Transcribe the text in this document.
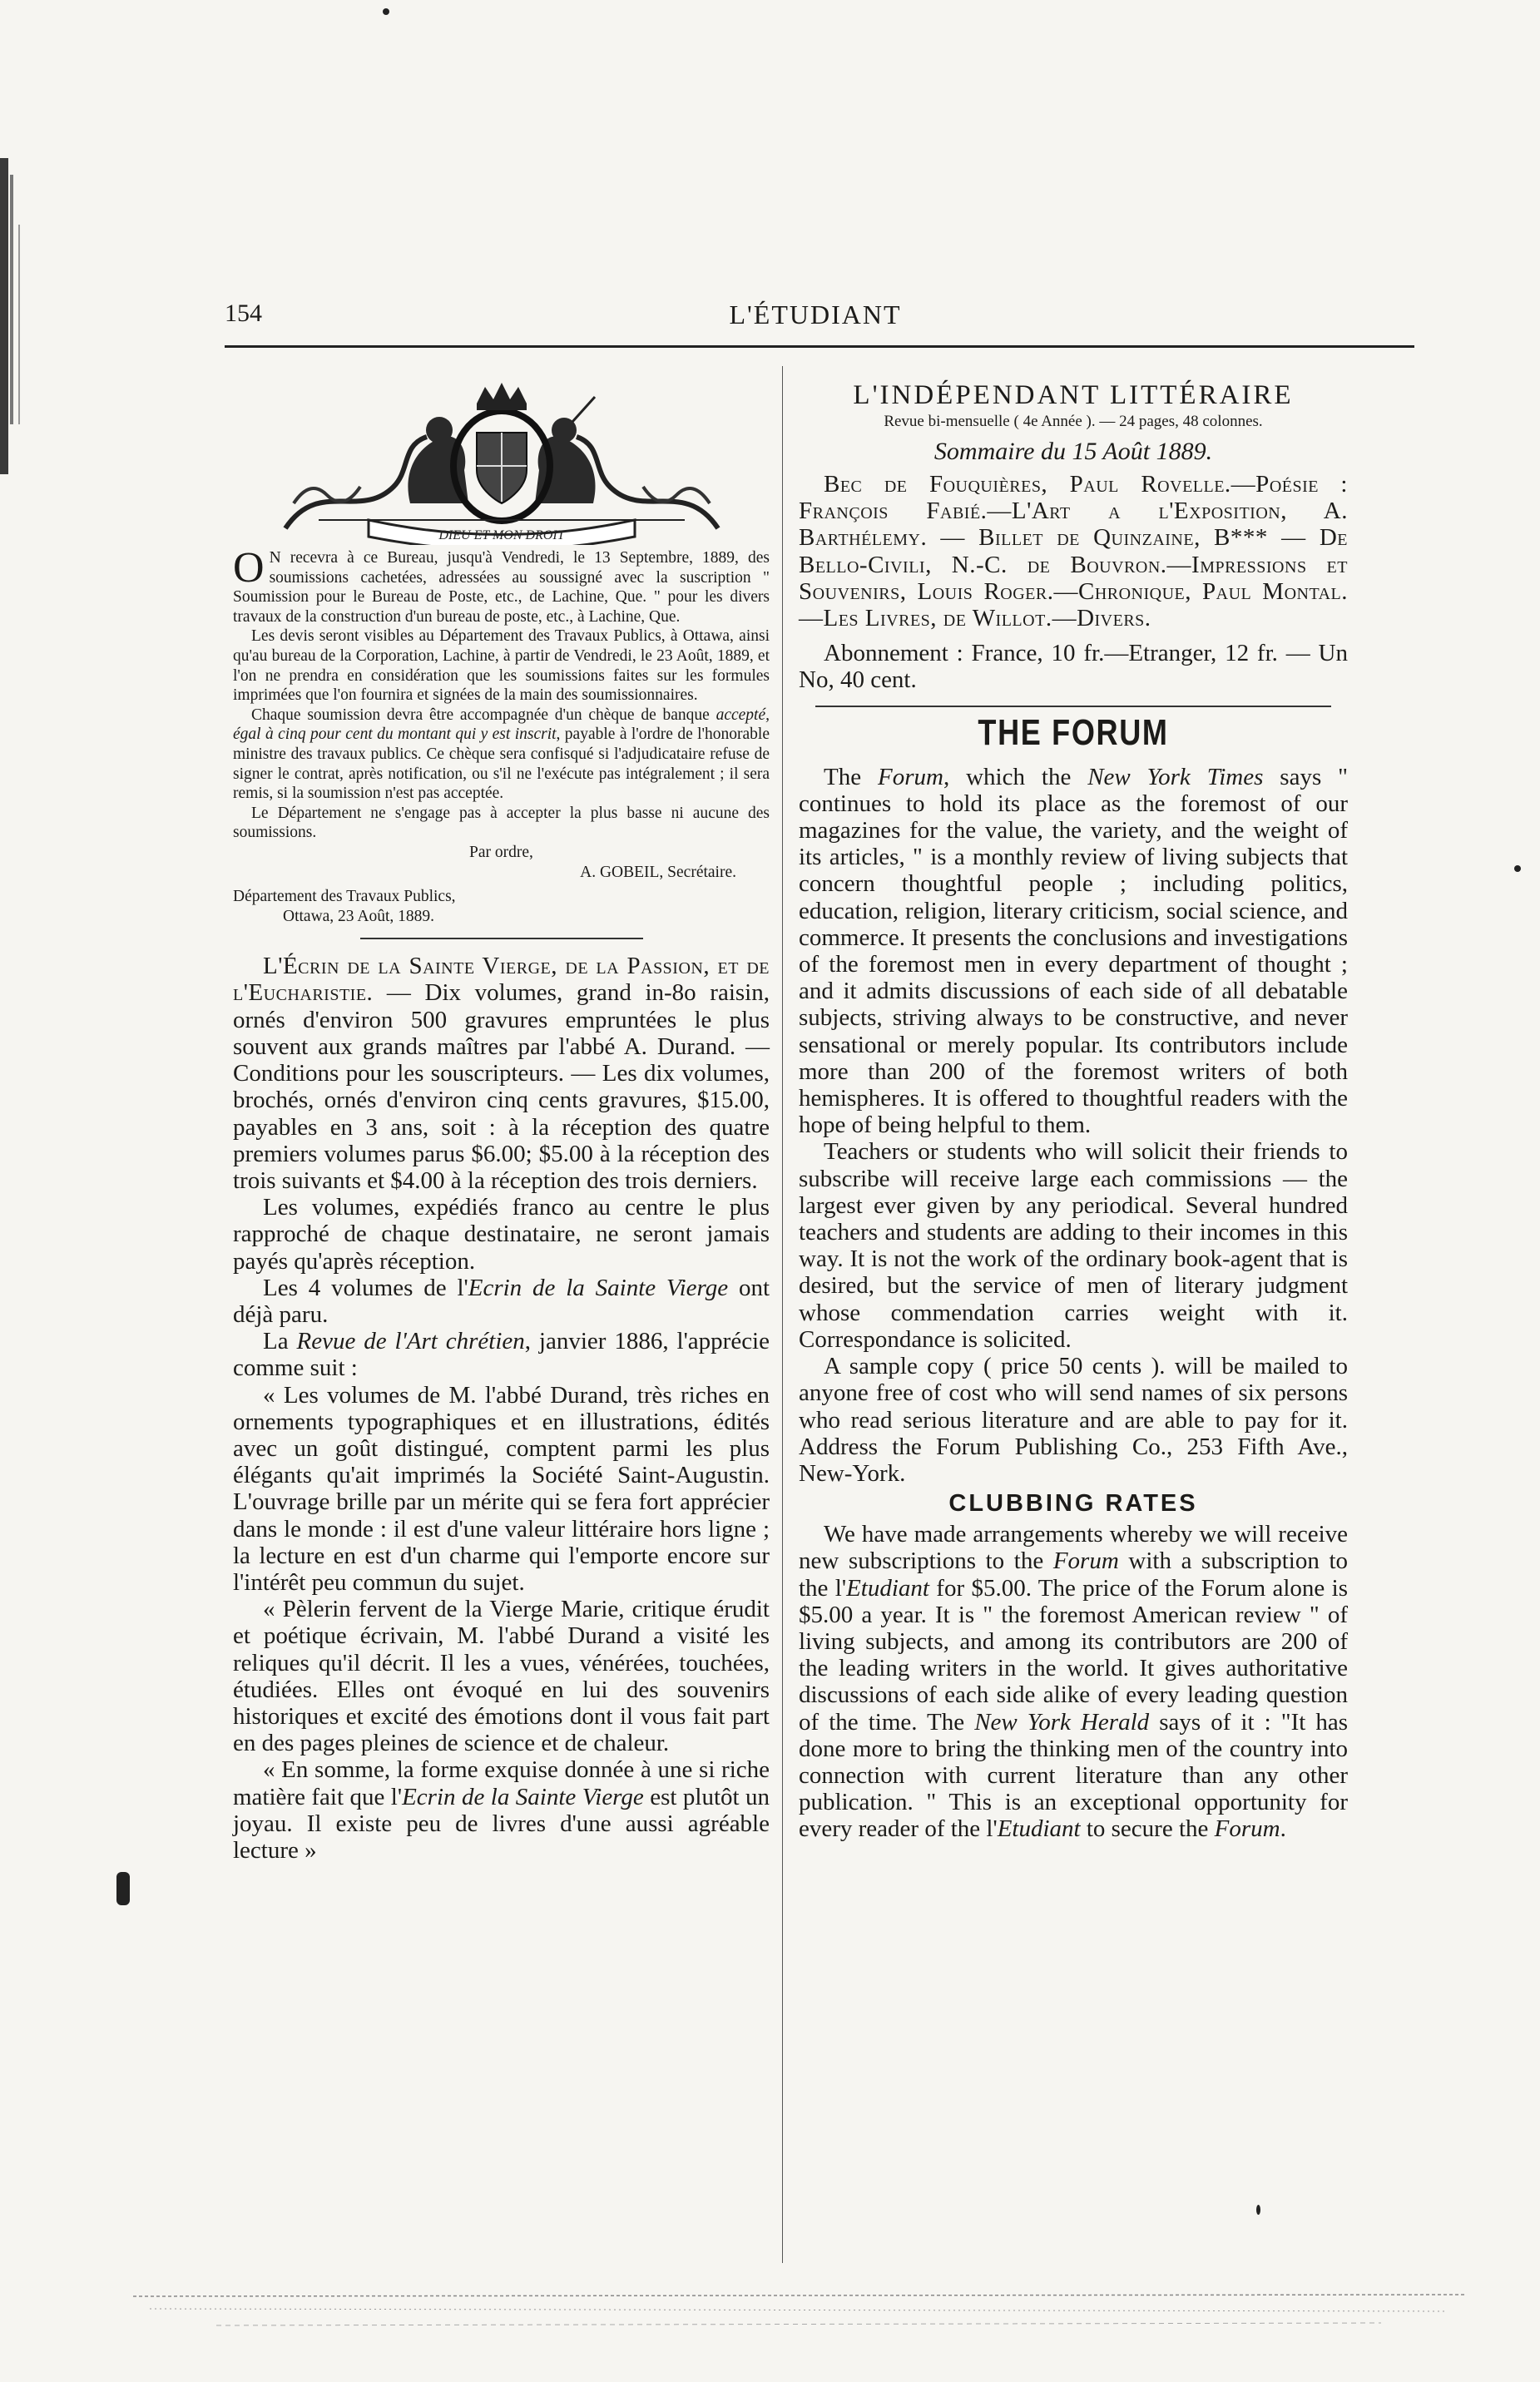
154	L'ÉTUDIANT
DIEU ET MON DROIT

O N recevra à ce Bureau, jusqu'à Vendredi, le 13 Septembre, 1889, des soumissions cachetées, adressées au soussigné avec la suscription " Soumission pour le Bureau de Poste, etc., de Lachine, Que. " pour les divers travaux de la construction d'un bureau de poste, etc., à Lachine, Que.

Les devis seront visibles au Département des Travaux Publics, à Ottawa, ainsi qu'au bureau de la Corporation, Lachine, à partir de Vendredi, le 23 Août, 1889, et l'on ne prendra en considération que les soumissions faites sur les formules imprimées que l'on fournira et signées de la main des soumissionnaires.

Chaque soumission devra être accompagnée d'un chèque de banque accepté, égal à cinq pour cent du montant qui y est inscrit, payable à l'ordre de l'honorable ministre des travaux publics. Ce chèque sera confisqué si l'adjudicataire refuse de signer le contrat, après notification, ou s'il ne l'exécute pas intégralement ; il sera remis, si la soumission n'est pas acceptée.

Le Département ne s'engage pas à accepter la plus basse ni aucune des soumissions.

Par ordre,

A. GOBEIL, Secrétaire.

Département des Travaux Publics,

Ottawa, 23 Août, 1889.

L'Écrin de la Sainte Vierge, de la Passion, et de l'Eucharistie. — Dix volumes, grand in-8o raisin, ornés d'environ 500 gravures empruntées le plus souvent aux grands maîtres par l'abbé A. Durand. — Conditions pour les souscripteurs. — Les dix volumes, brochés, ornés d'environ cinq cents gravures, $15.00, payables en 3 ans, soit : à la réception des quatre premiers volumes parus $6.00; $5.00 à la réception des trois suivants et $4.00 à la réception des trois derniers.

Les volumes, expédiés franco au centre le plus rapproché de chaque destinataire, ne seront jamais payés qu'après réception.

Les 4 volumes de l'Ecrin de la Sainte Vierge ont déjà paru.

La Revue de l'Art chrétien, janvier 1886, l'apprécie comme suit :

« Les volumes de M. l'abbé Durand, très riches en ornements typographiques et en illustrations, édités avec un goût distingué, comptent parmi les plus élégants qu'ait imprimés la Société Saint-Augustin. L'ouvrage brille par un mérite qui se fera fort apprécier dans le monde : il est d'une valeur littéraire hors ligne ; la lecture en est d'un charme qui l'emporte encore sur l'intérêt peu commun du sujet.

« Pèlerin fervent de la Vierge Marie, critique érudit et poétique écrivain, M. l'abbé Durand a visité les reliques qu'il décrit. Il les a vues, vénérées, touchées, étudiées. Elles ont évoqué en lui des souvenirs historiques et excité des émotions dont il vous fait part en des pages pleines de science et de chaleur.

« En somme, la forme exquise donnée à une si riche matière fait que l'Ecrin de la Sainte Vierge est plutôt un joyau. Il existe peu de livres d'une aussi agréable lecture »

L'INDÉPENDANT LITTÉRAIRE
Revue bi-mensuelle ( 4e Année ). — 24 pages, 48 colonnes.
Sommaire du 15 Août 1889.

Bec de Fouquières, Paul Rovelle.—Poésie : François Fabié.—L'Art a l'Exposition, A. Barthélemy. — Billet de Quinzaine, B*** — De Bello-Civili, N.-C. de Bouvron.—Impressions et Souvenirs, Louis Roger.—Chronique, Paul Montal.—Les Livres, de Willot.—Divers.

Abonnement : France, 10 fr.—Etranger, 12 fr. — Un No, 40 cent.

THE FORUM

The Forum, which the New York Times says " continues to hold its place as the foremost of our magazines for the value, the variety, and the weight of its articles, " is a monthly review of living subjects that concern thoughtful people ; including politics, education, religion, literary criticism, social science, and commerce. It presents the conclusions and investigations of the foremost men in every department of thought ; and it admits discussions of each side of all debatable subjects, striving always to be constructive, and never sensational or merely popular. Its contributors include more than 200 of the foremost writers of both hemispheres. It is offered to thoughtful readers with the hope of being helpful to them.

Teachers or students who will solicit their friends to subscribe will receive large each commissions — the largest ever given by any periodical. Several hundred teachers and students are adding to their incomes in this way. It is not the work of the ordinary book-agent that is desired, but the service of men of literary judgment whose commendation carries weight with it. Correspondance is solicited.

A sample copy ( price 50 cents ). will be mailed to anyone free of cost who will send names of six persons who read serious literature and are able to pay for it. Address the Forum Publishing Co., 253 Fifth Ave., New-York.

CLUBBING RATES

We have made arrangements whereby we will receive new subscriptions to the Forum with a subscription to the l'Etudiant for $5.00. The price of the Forum alone is $5.00 a year. It is " the foremost American review " of living subjects, and among its contributors are 200 of the leading writers in the world. It gives authoritative discussions of each side alike of every leading question of the time. The New York Herald says of it : "It has done more to bring the thinking men of the country into connection with current literature than any other publication. " This is an exceptional opportunity for every reader of the l'Etudiant to secure the Forum.
